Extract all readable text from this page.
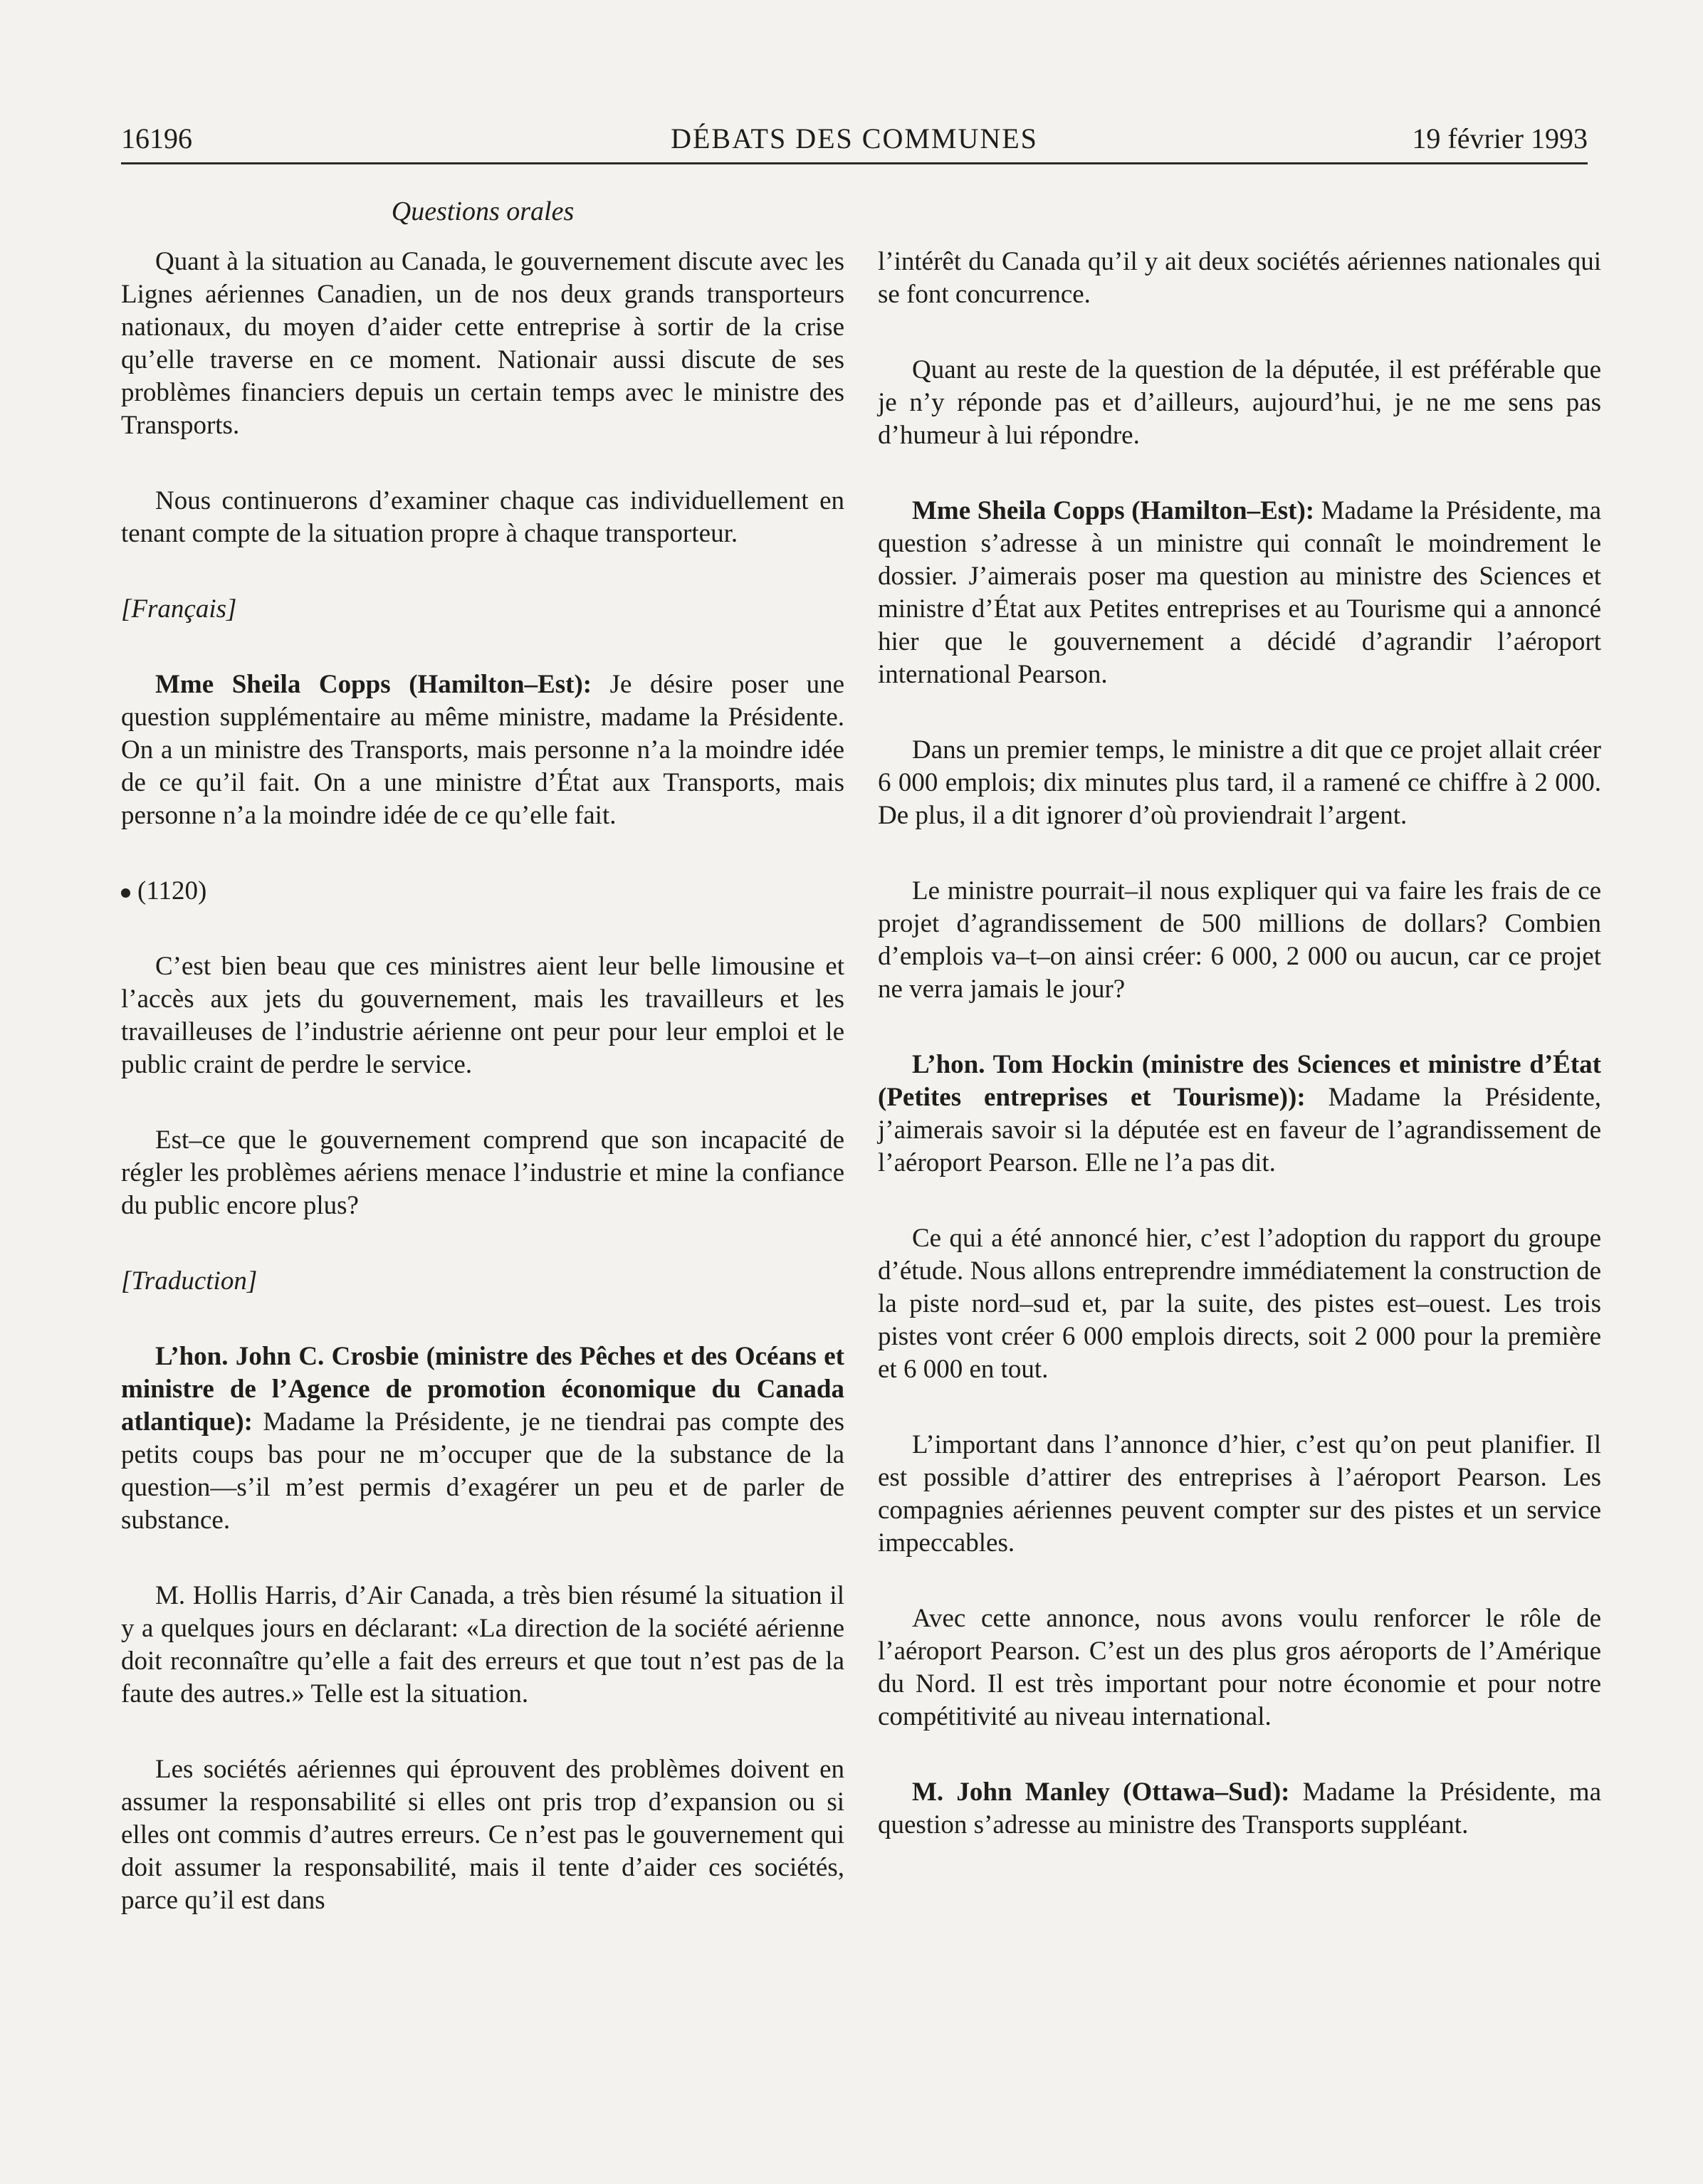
16196	DÉBATS DES COMMUNES	19 février 1993
Questions orales

Quant à la situation au Canada, le gouvernement discute avec les Lignes aériennes Canadien, un de nos deux grands transporteurs nationaux, du moyen d’aider cette entreprise à sortir de la crise qu’elle traverse en ce moment. Nationair aussi discute de ses problèmes financiers depuis un certain temps avec le ministre des Transports.

Nous continuerons d’examiner chaque cas individuellement en tenant compte de la situation propre à chaque transporteur.

[Français]

Mme Sheila Copps (Hamilton–Est): Je désire poser une question supplémentaire au même ministre, madame la Présidente. On a un ministre des Transports, mais personne n’a la moindre idée de ce qu’il fait. On a une ministre d’État aux Transports, mais personne n’a la moindre idée de ce qu’elle fait.

(1120)

C’est bien beau que ces ministres aient leur belle limousine et l’accès aux jets du gouvernement, mais les travailleurs et les travailleuses de l’industrie aérienne ont peur pour leur emploi et le public craint de perdre le service.

Est–ce que le gouvernement comprend que son incapacité de régler les problèmes aériens menace l’industrie et mine la confiance du public encore plus?

[Traduction]

L’hon. John C. Crosbie (ministre des Pêches et des Océans et ministre de l’Agence de promotion économique du Canada atlantique): Madame la Présidente, je ne tiendrai pas compte des petits coups bas pour ne m’occuper que de la substance de la question—s’il m’est permis d’exagérer un peu et de parler de substance.

M. Hollis Harris, d’Air Canada, a très bien résumé la situation il y a quelques jours en déclarant: «La direction de la société aérienne doit reconnaître qu’elle a fait des erreurs et que tout n’est pas de la faute des autres.» Telle est la situation.

Les sociétés aériennes qui éprouvent des problèmes doivent en assumer la responsabilité si elles ont pris trop d’expansion ou si elles ont commis d’autres erreurs. Ce n’est pas le gouvernement qui doit assumer la responsabilité, mais il tente d’aider ces sociétés, parce qu’il est dans

l’intérêt du Canada qu’il y ait deux sociétés aériennes nationales qui se font concurrence.

Quant au reste de la question de la députée, il est préférable que je n’y réponde pas et d’ailleurs, aujourd’hui, je ne me sens pas d’humeur à lui répondre.

Mme Sheila Copps (Hamilton–Est): Madame la Présidente, ma question s’adresse à un ministre qui connaît le moindrement le dossier. J’aimerais poser ma question au ministre des Sciences et ministre d’État aux Petites entreprises et au Tourisme qui a annoncé hier que le gouvernement a décidé d’agrandir l’aéroport international Pearson.

Dans un premier temps, le ministre a dit que ce projet allait créer 6 000 emplois; dix minutes plus tard, il a ramené ce chiffre à 2 000. De plus, il a dit ignorer d’où proviendrait l’argent.

Le ministre pourrait–il nous expliquer qui va faire les frais de ce projet d’agrandissement de 500 millions de dollars? Combien d’emplois va–t–on ainsi créer: 6 000, 2 000 ou aucun, car ce projet ne verra jamais le jour?

L’hon. Tom Hockin (ministre des Sciences et ministre d’État (Petites entreprises et Tourisme)): Madame la Présidente, j’aimerais savoir si la députée est en faveur de l’agrandissement de l’aéroport Pearson. Elle ne l’a pas dit.

Ce qui a été annoncé hier, c’est l’adoption du rapport du groupe d’étude. Nous allons entreprendre immédiatement la construction de la piste nord–sud et, par la suite, des pistes est–ouest. Les trois pistes vont créer 6 000 emplois directs, soit 2 000 pour la première et 6 000 en tout.

L’important dans l’annonce d’hier, c’est qu’on peut planifier. Il est possible d’attirer des entreprises à l’aéroport Pearson. Les compagnies aériennes peuvent compter sur des pistes et un service impeccables.

Avec cette annonce, nous avons voulu renforcer le rôle de l’aéroport Pearson. C’est un des plus gros aéroports de l’Amérique du Nord. Il est très important pour notre économie et pour notre compétitivité au niveau international.

M. John Manley (Ottawa–Sud): Madame la Présidente, ma question s’adresse au ministre des Transports suppléant.
